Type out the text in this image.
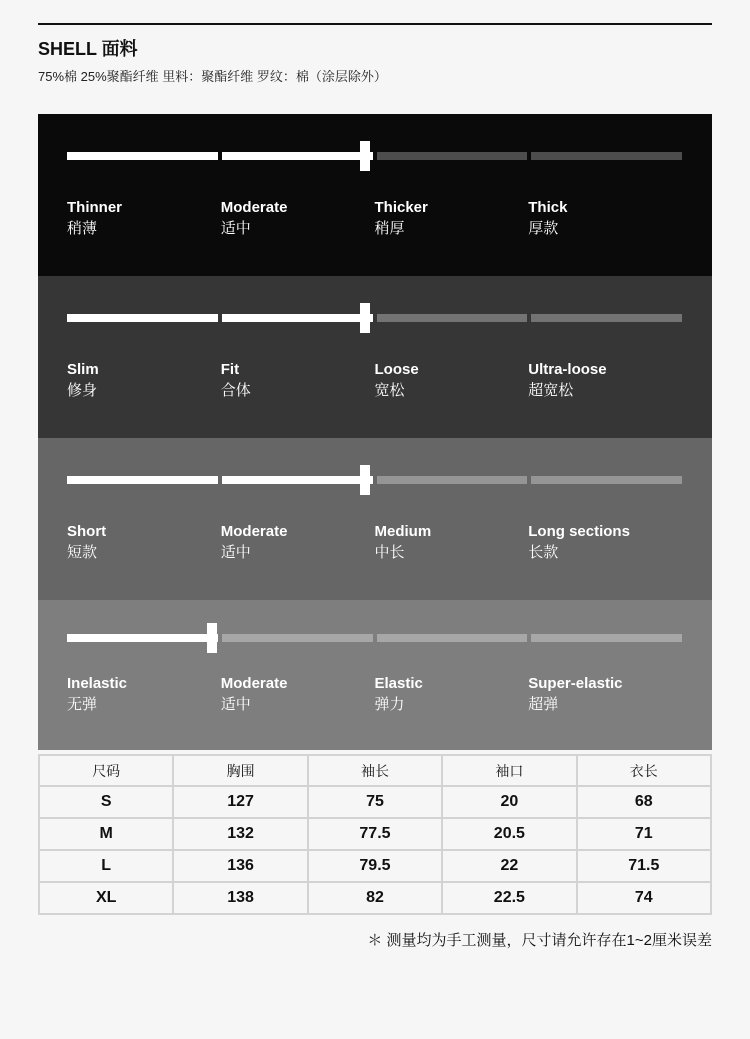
SHELL 面料
75%棉 25%聚酯纤维 里料：聚酯纤维 罗纹：棉（涂层除外）
Thinner
稍薄
Moderate
适中
Thicker
稍厚
Thick
厚款
Slim
修身
Fit
合体
Loose
宽松
Ultra-loose
超宽松
Short
短款
Moderate
适中
Medium
中长
Long sections
长款
Inelastic
无弹
Moderate
适中
Elastic
弹力
Super-elastic
超弹
尺码	胸围	袖长	袖口	衣长
S	127	75	20	68
M	132	77.5	20.5	71
L	136	79.5	22	71.5
XL	138	82	22.5	74
＊ 测量均为手工测量，尺寸请允许存在1~2厘米误差
